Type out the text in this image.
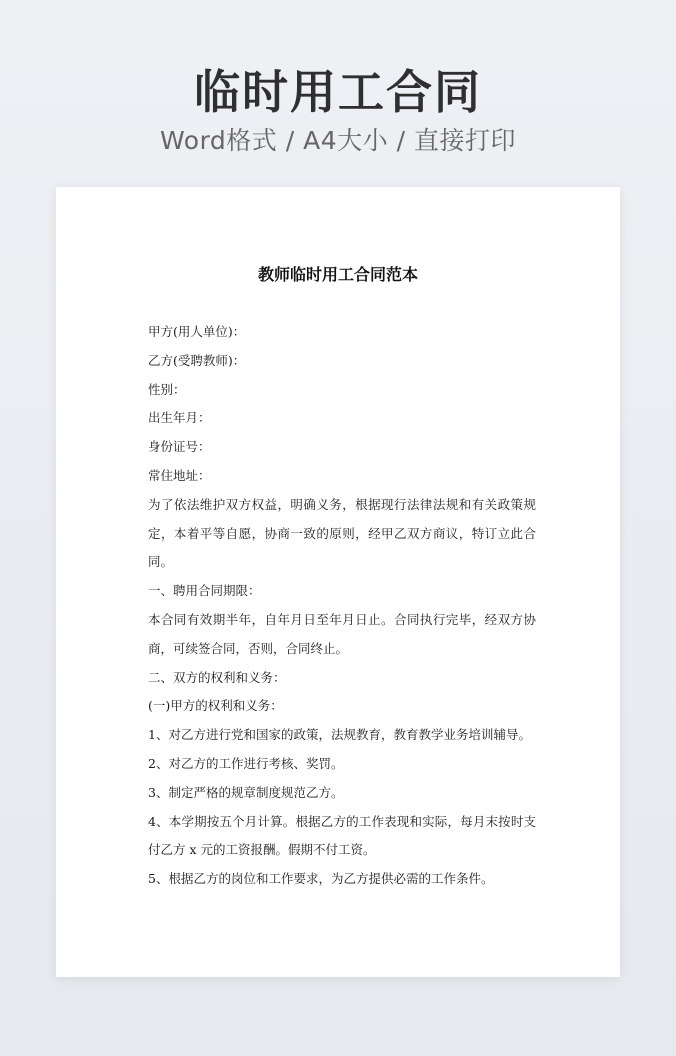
临时用工合同
Word格式 / A4大小 / 直接打印
教师临时用工合同范本

甲方(用人单位)：

乙方(受聘教师)：

性别：

出生年月：

身份证号：

常住地址：

为了依法维护双方权益，明确义务，根据现行法律法规和有关政策规定，本着平等自愿，协商一致的原则，经甲乙双方商议，特订立此合同。

一、聘用合同期限：

本合同有效期半年，自年月日至年月日止。合同执行完毕，经双方协商，可续签合同，否则，合同终止。

二、双方的权利和义务：

(一)甲方的权利和义务：

1、对乙方进行党和国家的政策，法规教育，教育教学业务培训辅导。

2、对乙方的工作进行考核、奖罚。

3、制定严格的规章制度规范乙方。

4、本学期按五个月计算。根据乙方的工作表现和实际，每月末按时支付乙方 x 元的工资报酬。假期不付工资。

5、根据乙方的岗位和工作要求，为乙方提供必需的工作条件。
